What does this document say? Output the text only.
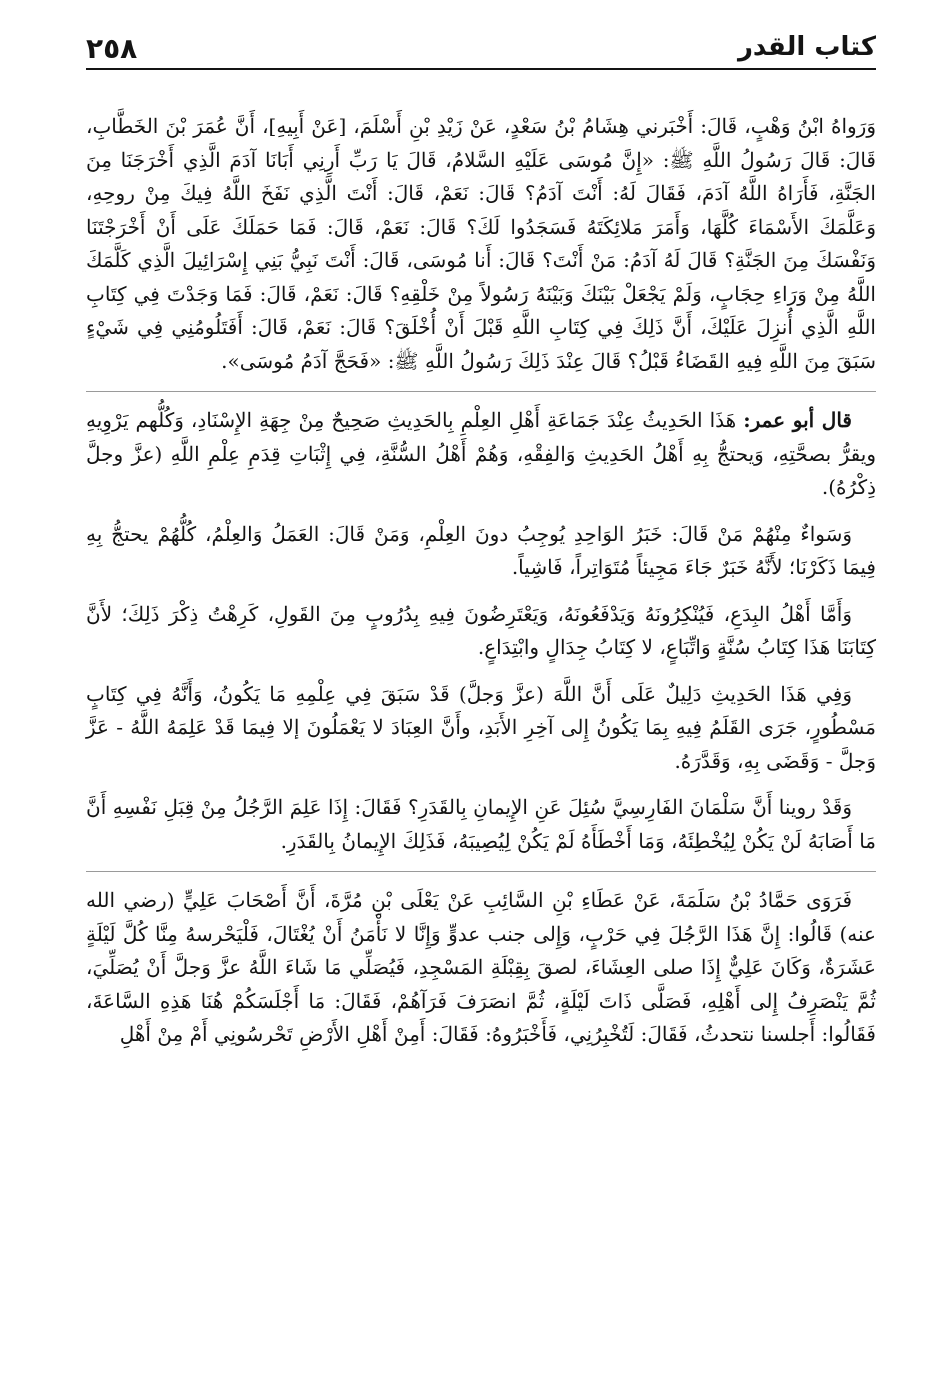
٢٥٨	كتاب القدر

وَرَواهُ ابْنُ وَهْبٍ، قَالَ: أَخْبَرني هِشَامُ بْنُ سَعْدٍ، عَنْ زَيْدِ بْنِ أَسْلَمَ، [عَنْ أَبِيهِ]، أَنَّ عُمَرَ بْنَ الخَطَّابِ، قَالَ: قَالَ رَسُولُ اللَّهِ ﷺ: «إِنَّ مُوسَى عَلَيْهِ السَّلامُ، قَالَ يَا رَبِّ أَرِنِي أَبَانَا آدَمَ الَّذِي أَخْرَجَنَا مِنَ الجَنَّةِ، فَأَرَاهُ اللَّهُ آدَمَ، فَقَالَ لَهُ: أَنْتَ آدَمُ؟ قَالَ: نَعَمْ، قَالَ: أَنْتَ الَّذِي نَفَخَ اللَّهُ فِيكَ مِنْ روحِهِ، وَعَلَّمَكَ الأَسْمَاءَ كُلَّهَا، وَأَمَرَ مَلائِكَتَهُ فَسَجَدُوا لَكَ؟ قَالَ: نَعَمْ، قَالَ: فَمَا حَمَلَكَ عَلَى أَنْ أَخْرَجْتَنَا وَنَفْسَكَ مِنَ الجَنَّةِ؟ قَالَ لَهُ آدَمُ: مَنْ أَنْتَ؟ قَالَ: أَنا مُوسَى، قَالَ: أَنْتَ نَبِيُّ بَنِي إِسْرَائِيلَ الَّذِي كَلَّمَكَ اللَّهُ مِنْ وَرَاءِ حِجَابٍ، وَلَمْ يَجْعَلْ بَيْنَكَ وَبَيْنَهُ رَسُولاً مِنْ خَلْقِهِ؟ قَالَ: نَعَمْ، قَالَ: فَمَا وَجَدْتَ فِي كِتَابِ اللَّهِ الَّذِي أُنزِلَ عَلَيْكَ، أَنَّ ذَلِكَ فِي كِتَابِ اللَّهِ قَبْلَ أَنْ أُخْلَقَ؟ قَالَ: نَعَمْ، قَالَ: أَفَتَلُومُنِي فِي شَيْءٍ سَبَقَ مِنَ اللَّهِ فِيهِ القَضَاءُ قَبْلُ؟ قَالَ عِنْدَ ذَلِكَ رَسُولُ اللَّهِ ﷺ: «فَحَجَّ آدَمُ مُوسَى».

قال أبو عمر: هَذَا الحَدِيثُ عِنْدَ جَمَاعَةِ أَهْلِ العِلْمِ بِالحَدِيثِ صَحِيحٌ مِنْ جِهَةِ الإِسْنَادِ، وَكُلُّهم يَرْوِيهِ ويقرُّ بصحَّتِهِ، وَيحتجُّ بِهِ أَهْلُ الحَدِيثِ وَالفِقْهِ، وَهُمْ أَهْلُ السُّنَّةِ، فِي إِثْبَاتِ قِدَمِ عِلْمِ اللَّهِ (عزَّ وجلَّ ذِكْرُهُ).

وَسَواءٌ مِنْهُمْ مَنْ قَالَ: خَبَرُ الوَاحِدِ يُوجِبُ دونَ العِلْمِ، وَمَنْ قَالَ: العَمَلُ وَالعِلْمُ، كُلُّهُمْ يحتجُّ بِهِ فِيمَا ذَكَرْنَا؛ لأَنَّهُ خَبَرٌ جَاءَ مَجِيئاً مُتَوَاتِراً، فَاشِياً.

وَأَمَّا أَهْلُ البِدَعِ، فَيُنْكِرُونَهُ وَيَدْفَعُونَهُ، وَيَعْتَرِضُونَ فِيهِ بِدُرُوبٍ مِنَ القَولِ، كَرِهْتُ ذِكْرَ ذَلِكَ؛ لأَنَّ كِتَابَنَا هَذَا كِتَابُ سُنَّةٍ وَاتِّبَاعٍ، لا كِتَابُ جِدَالٍ وابْتِدَاعٍ.

وَفِي هَذَا الحَدِيثِ دَلِيلٌ عَلَى أَنَّ اللَّهَ (عزَّ وَجلَّ) قَدْ سَبَقَ فِي عِلْمِهِ مَا يَكُونُ، وَأَنَّهُ فِي كِتَابٍ مَسْطُورٍ، جَرَى القَلَمُ فِيهِ بِمَا يَكُونُ إِلى آخِرِ الأَبَدِ، وأَنَّ العِبَادَ لا يَعْمَلُونَ إلا فِيمَا قَدْ عَلِمَهُ اللَّهُ - عَزَّ وَجلَّ - وَقَضَى بِهِ، وَقَدَّرَهُ.

وَقَدْ روينا أَنَّ سَلْمَانَ الفَارِسِيَّ سُئِلَ عَنِ الإِيمانِ بِالقَدَرِ؟ فَقَالَ: إِذَا عَلِمَ الرَّجُلُ مِنْ قِبَلِ نَفْسِهِ أَنَّ مَا أَصَابَهُ لَنْ يَكُنْ لِيُخْطِئَهُ، وَمَا أَخْطَأَهُ لَمْ يَكُنْ لِيُصِيبَهُ، فَذَلِكَ الإِيمانُ بِالقَدَرِ.

فَرَوَى حَمَّادُ بْنُ سَلَمَةَ، عَنْ عَطَاءِ بْنِ السَّائِبِ عَنْ يَعْلَى بْنِ مُرَّةَ، أَنَّ أَصْحَابَ عَلِيٍّ (رضي الله عنه) قَالُوا: إِنَّ هَذَا الرَّجُلَ فِي حَرْبٍ، وَإِلى جنب عدوٍّ وَإِنَّا لا نَأْمَنُ أَنْ يُغْتَالَ، فَلْيَحْرسهُ مِنَّا كُلَّ لَيْلَةٍ عَشَرَةٌ، وَكَانَ عَلِيٌّ إِذَا صلى العِشَاءَ، لصقَ بِقِبْلَةِ المَسْجِدِ، فَيُصَلِّي مَا شَاءَ اللَّهُ عزَّ وَجلَّ أَنْ يُصَلِّيَ، ثُمَّ يَنْصَرِفُ إِلى أَهْلِهِ، فَصَلَّى ذَاتَ لَيْلَةٍ، ثُمَّ انصَرَفَ فَرَآهُمْ، فَقَالَ: مَا أَجْلَسَكُمْ هُنَا هَذِهِ السَّاعَةَ، فَقَالُوا: أَجلسنا نتحدثُ، فَقَالَ: لَتُخْبِرُنِي، فَأَخْبَرُوهُ: فَقَالَ: أَمِنْ أَهْلِ الأَرْضِ تَحْرسُونِي أَمْ مِنْ أَهْلِ
